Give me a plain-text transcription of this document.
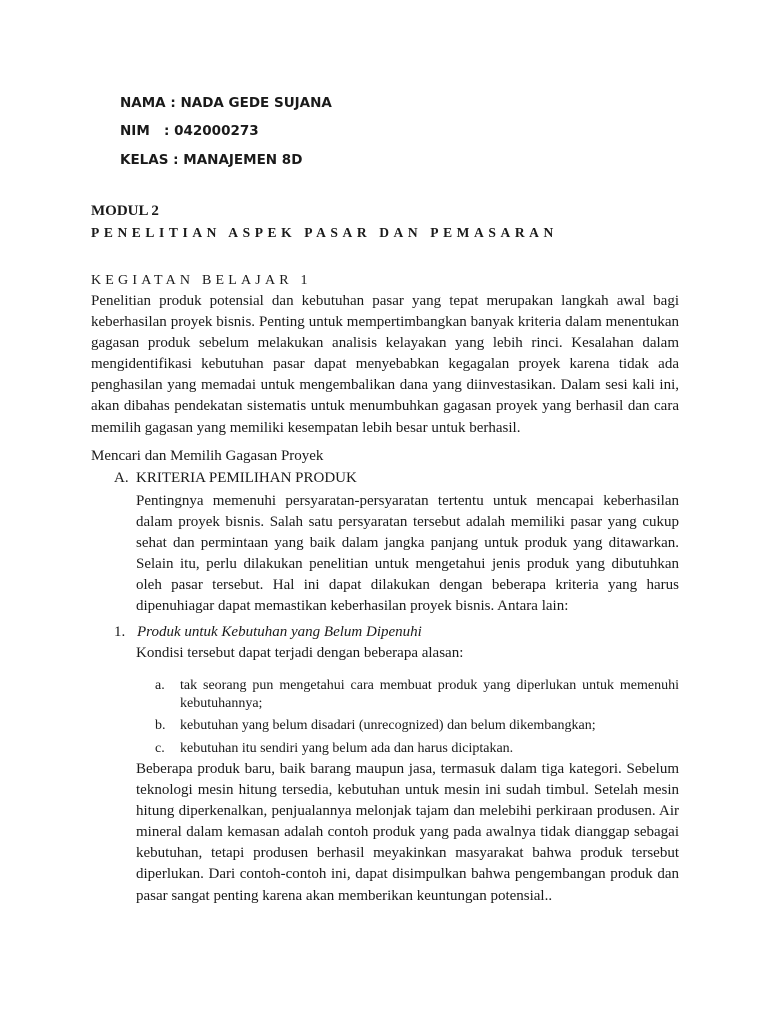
NAMA : NADA GEDE SUJANA
NIM : 042000273
KELAS : MANAJEMEN 8D
MODUL 2
PENELITIAN ASPEK PASAR DAN PEMASARAN
KEGIATAN BELAJAR 1
Penelitian produk potensial dan kebutuhan pasar yang tepat merupakan langkah awal bagi keberhasilan proyek bisnis. Penting untuk mempertimbangkan banyak kriteria dalam menentukan gagasan produk sebelum melakukan analisis kelayakan yang lebih rinci. Kesalahan dalam mengidentifikasi kebutuhan pasar dapat menyebabkan kegagalan proyek karena tidak ada penghasilan yang memadai untuk mengembalikan dana yang diinvestasikan. Dalam sesi kali ini, akan dibahas pendekatan sistematis untuk menumbuhkan gagasan proyek yang berhasil dan cara memilih gagasan yang memiliki kesempatan lebih besar untuk berhasil.
Mencari dan Memilih Gagasan Proyek
A. KRITERIA PEMILIHAN PRODUK
Pentingnya memenuhi persyaratan-persyaratan tertentu untuk mencapai keberhasilan dalam proyek bisnis. Salah satu persyaratan tersebut adalah memiliki pasar yang cukup sehat dan permintaan yang baik dalam jangka panjang untuk produk yang ditawarkan. Selain itu, perlu dilakukan penelitian untuk mengetahui jenis produk yang dibutuhkan oleh pasar tersebut. Hal ini dapat dilakukan dengan beberapa kriteria yang harus dipenuhiagar dapat memastikan keberhasilan proyek bisnis. Antara lain:
1. Produk untuk Kebutuhan yang Belum Dipenuhi
Kondisi tersebut dapat terjadi dengan beberapa alasan:
a. tak seorang pun mengetahui cara membuat produk yang diperlukan untuk memenuhi kebutuhannya;
b. kebutuhan yang belum disadari (unrecognized) dan belum dikembangkan;
c. kebutuhan itu sendiri yang belum ada dan harus diciptakan.
Beberapa produk baru, baik barang maupun jasa, termasuk dalam tiga kategori. Sebelum teknologi mesin hitung tersedia, kebutuhan untuk mesin ini sudah timbul. Setelah mesin hitung diperkenalkan, penjualannya melonjak tajam dan melebihi perkiraan produsen. Air mineral dalam kemasan adalah contoh produk yang pada awalnya tidak dianggap sebagai kebutuhan, tetapi produsen berhasil meyakinkan masyarakat bahwa produk tersebut diperlukan. Dari contoh-contoh ini, dapat disimpulkan bahwa pengembangan produk dan pasar sangat penting karena akan memberikan keuntungan potensial..
